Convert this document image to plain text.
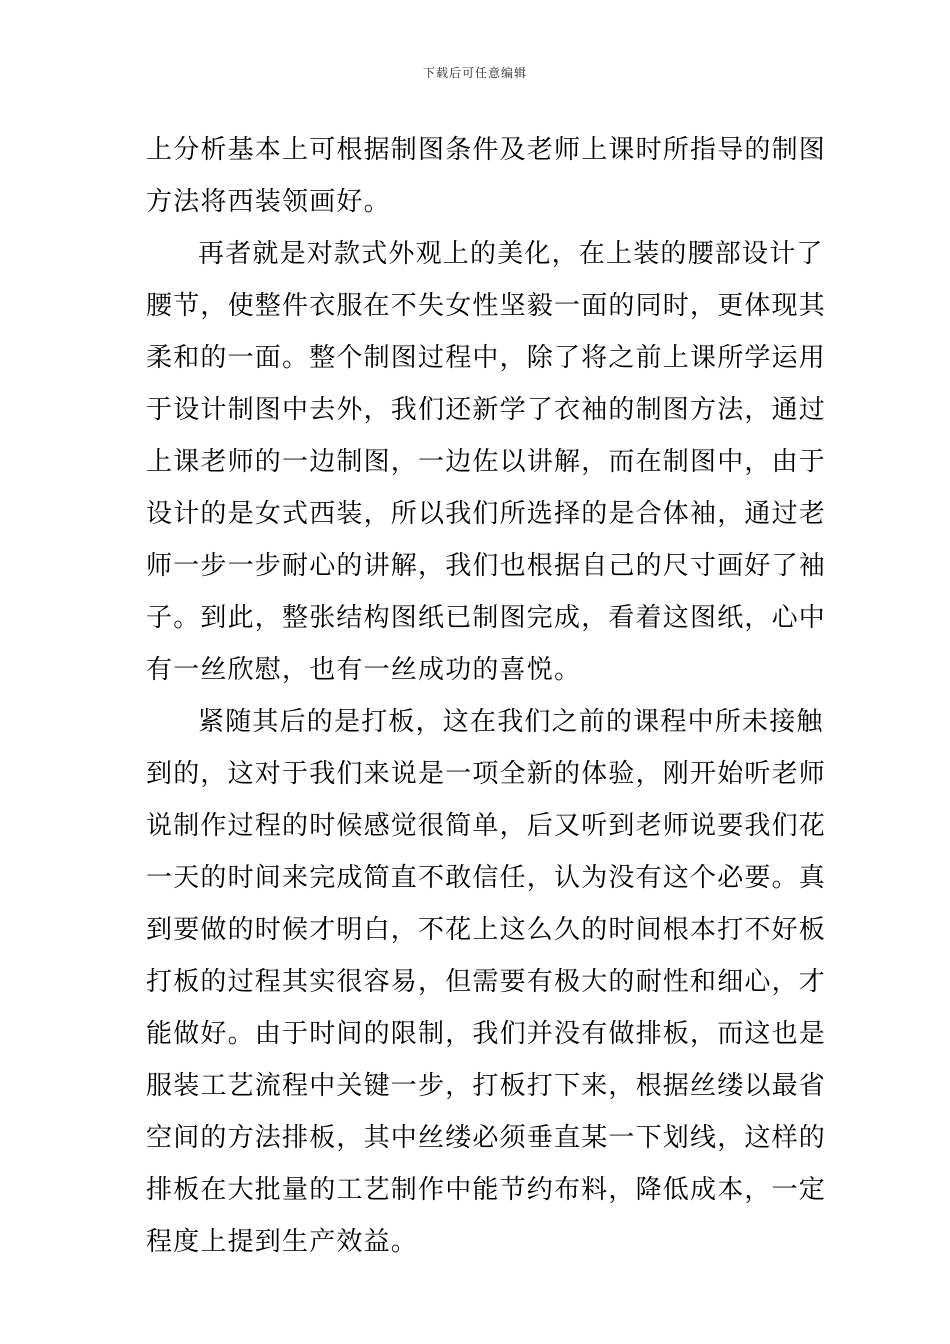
下载后可任意编辑
上分析基本上可根据制图条件及老师上课时所指导的制图
方法将西装领画好。
再者就是对款式外观上的美化，在上装的腰部设计了
腰节，使整件衣服在不失女性坚毅一面的同时，更体现其
柔和的一面。整个制图过程中，除了将之前上课所学运用
于设计制图中去外，我们还新学了衣袖的制图方法，通过
上课老师的一边制图，一边佐以讲解，而在制图中，由于
设计的是女式西装，所以我们所选择的是合体袖，通过老
师一步一步耐心的讲解，我们也根据自己的尺寸画好了袖
子。到此，整张结构图纸已制图完成，看着这图纸，心中
有一丝欣慰，也有一丝成功的喜悦。
紧随其后的是打板，这在我们之前的课程中所未接触
到的，这对于我们来说是一项全新的体验，刚开始听老师
说制作过程的时候感觉很简单，后又听到老师说要我们花
一天的时间来完成简直不敢信任，认为没有这个必要。真
到要做的时候才明白，不花上这么久的时间根本打不好板
打板的过程其实很容易，但需要有极大的耐性和细心，才
能做好。由于时间的限制，我们并没有做排板，而这也是
服装工艺流程中关键一步，打板打下来，根据丝缕以最省
空间的方法排板，其中丝缕必须垂直某一下划线，这样的
排板在大批量的工艺制作中能节约布料，降低成本，一定
程度上提到生产效益。
